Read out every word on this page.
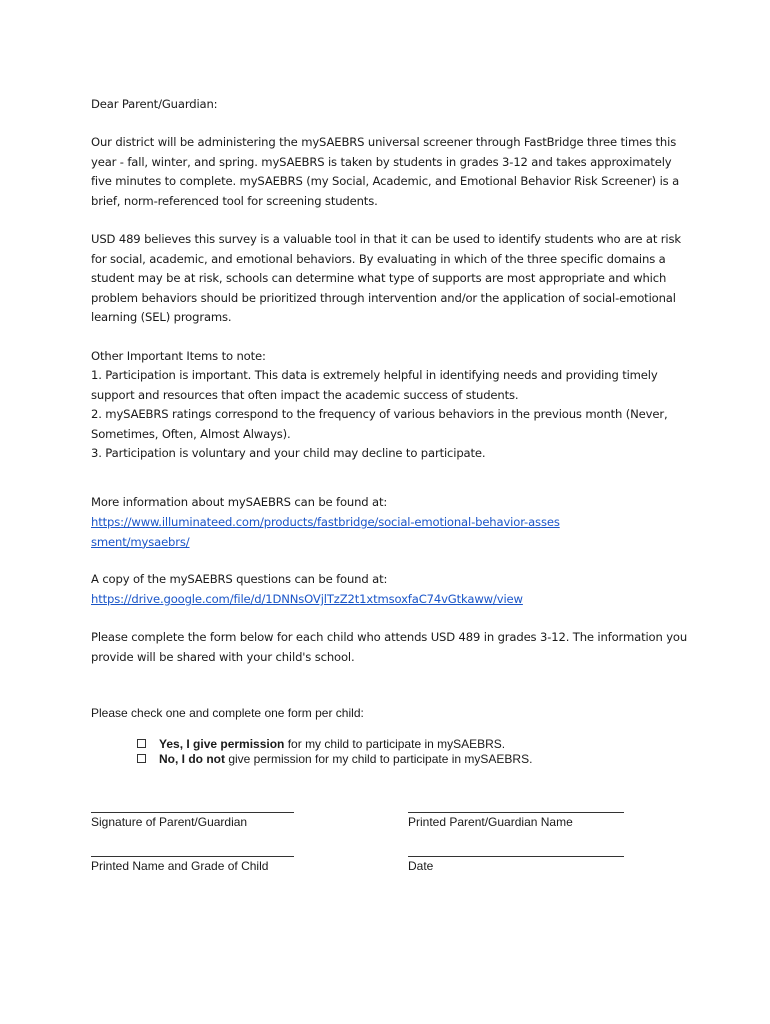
Dear Parent/Guardian:

Our district will be administering the mySAEBRS universal screener through FastBridge three times this year - fall, winter, and spring. mySAEBRS is taken by students in grades 3-12 and takes approximately five minutes to complete. mySAEBRS (my Social, Academic, and Emotional Behavior Risk Screener) is a brief, norm-referenced tool for screening students.

USD 489 believes this survey is a valuable tool in that it can be used to identify students who are at risk for social, academic, and emotional behaviors. By evaluating in which of the three specific domains a student may be at risk, schools can determine what type of supports are most appropriate and which problem behaviors should be prioritized through intervention and/or the application of social-emotional learning (SEL) programs.

Other Important Items to note:

1. Participation is important. This data is extremely helpful in identifying needs and providing timely support and resources that often impact the academic success of students.

2. mySAEBRS ratings correspond to the frequency of various behaviors in the previous month (Never, Sometimes, Often, Almost Always).

3. Participation is voluntary and your child may decline to participate.

More information about mySAEBRS can be found at:

https://www.illuminateed.com/products/fastbridge/social-emotional-behavior-assessment/mysaebrs/

A copy of the mySAEBRS questions can be found at:

https://drive.google.com/file/d/1DNNsOVjlTzZ2t1xtmsoxfaC74vGtkaww/view

Please complete the form below for each child who attends USD 489 in grades 3-12. The information you provide will be shared with your child's school.

Please check one and complete one form per child:

Yes, I give permission for my child to participate in mySAEBRS.
No, I do not give permission for my child to participate in mySAEBRS.
Signature of Parent/Guardian	Printed Parent/Guardian Name
Printed Name and Grade of Child	Date
